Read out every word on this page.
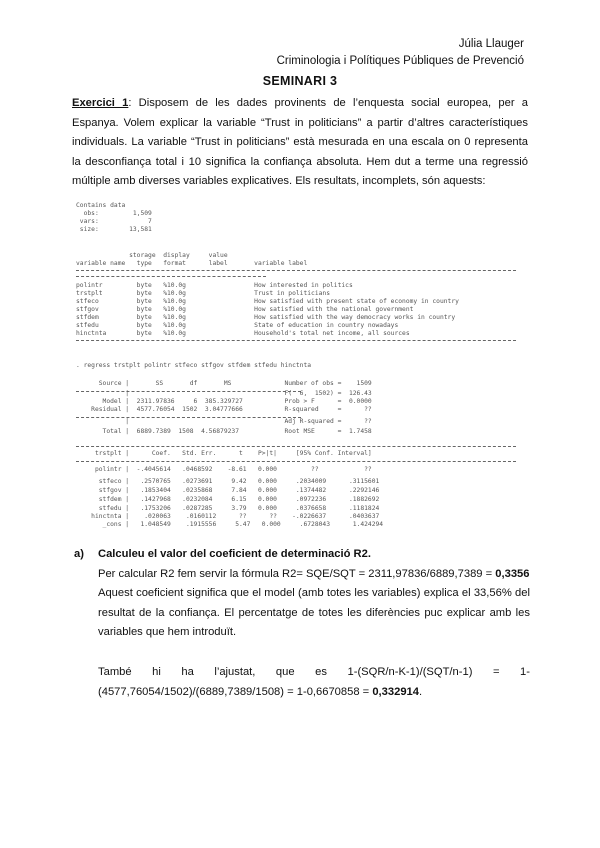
Júlia Llauger
Criminologia i Polítiques Públiques de Prevenció
SEMINARI 3
Exercici 1: Disposem de les dades provinents de l’enquesta social europea, per a Espanya. Volem explicar la variable “Trust in politicians” a partir d’altres característiques individuals. La variable “Trust in politicians” està mesurada en una escala on 0 representa la desconfiança total i 10 significa la confiança absoluta. Hem dut a terme una regressió múltiple amb diverses variables explicatives. Els resultats, incomplets, són aquests:

Contains data

obs:         1,509

vars:             7

size:        13,581

storage  display     value

variable name   type   format      label       variable label

polintr         byte   %10.0g                  How interested in politics

trstplt         byte   %10.0g                  Trust in politicians

stfeco          byte   %10.0g                  How satisfied with present state of economy in country

stfgov          byte   %10.0g                  How satisfied with the national government

stfdem          byte   %10.0g                  How satisfied with the way democracy works in country

stfedu          byte   %10.0g                  State of education in country nowadays

hinctnta        byte   %10.0g                  Household's total net income, all sources

. regress trstplt polintr stfeco stfgov stfdem stfedu hinctnta

Source |       SS       df       MS              Number of obs =    1509

|                                         F(  6,  1502) =  126.43

Model |  2311.97836     6  385.329727           Prob > F      =  0.0000

Residual |  4577.76054  1502  3.04777666           R-squared     =      ??

|                                         Adj R-squared =      ??

Total |  6889.7389  1508  4.56879237            Root MSE      =  1.7458

trstplt |      Coef.   Std. Err.      t    P>|t|     [95% Conf. Interval]

polintr |  -.4045614   .0468592    -8.61   0.000         ??            ??

stfeco |   .2570765   .0273691     9.42   0.000     .2034009      .3115601

stfgov |   .1853404   .0235868     7.84   0.000     .1374482      .2292146

stfdem |   .1427968   .0232084     6.15   0.000     .0972236      .1882692

stfedu |   .1753206   .0287285     3.79   0.000     .0376658      .1181824

hinctnta |    .020063    .0160112      ??      ??    -.0226637      .0403637

_cons |   1.048549    .1915556     5.47   0.000     .6728043      1.424294

a)	Calculeu el valor del coeficient de determinació R2.
Per calcular R2 fem servir la fórmula R2= SQE/SQT = 2311,97836/6889,7389 = 0,3356
Aquest coeficient significa que el model (amb totes les variables) explica el 33,56% del resultat de la confiança. El percentatge de totes les diferències puc explicar amb les variables que hem introduït.
També hi ha l’ajustat, que es 1-(SQR/n-K-1)/(SQT/n-1) = 1-(4577,76054/1502)/(6889,7389/1508) = 1-0,6670858 = 0,332914.
